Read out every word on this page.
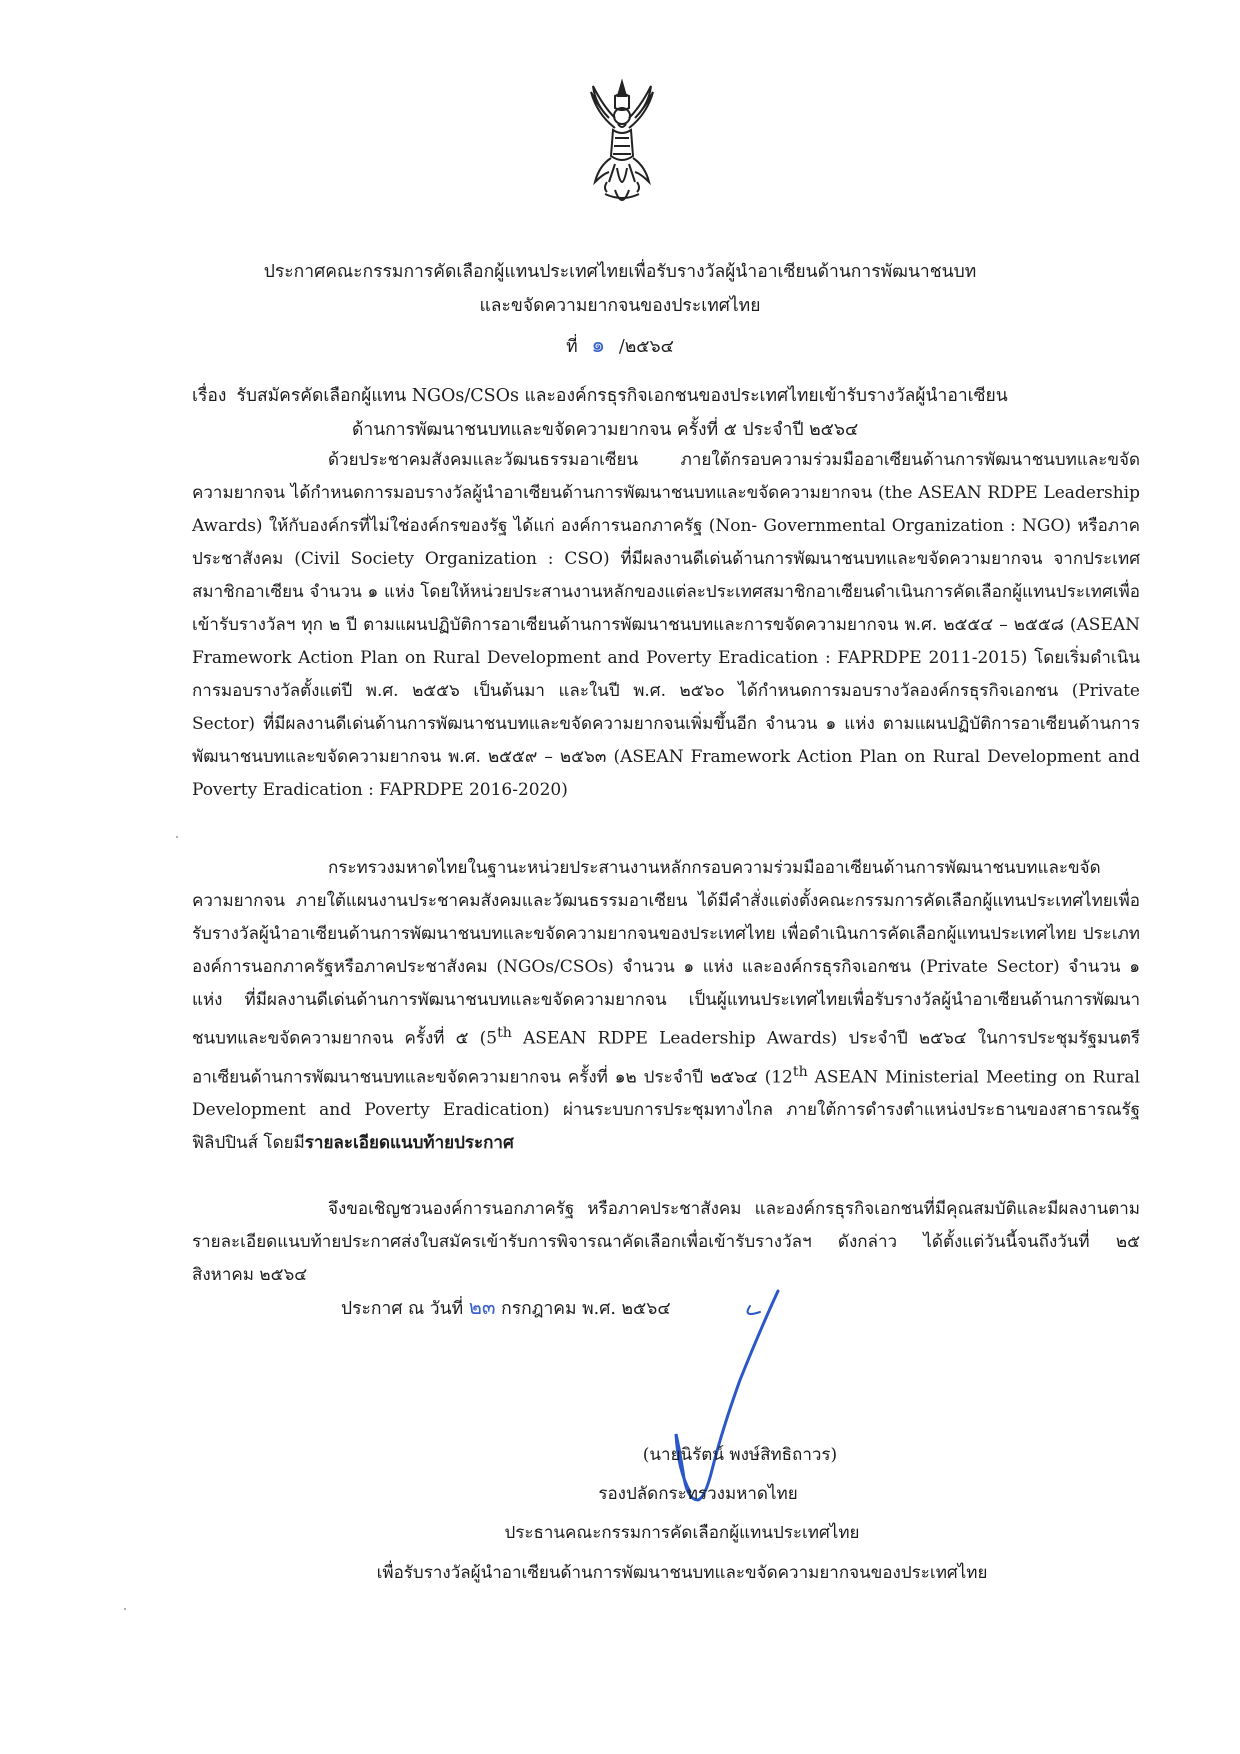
ประกาศคณะกรรมการคัดเลือกผู้แทนประเทศไทยเพื่อรับรางวัลผู้นำอาเซียนด้านการพัฒนาชนบท
และขจัดความยากจนของประเทศไทย
ที่ ๑ /๒๕๖๔
เรื่อง รับสมัครคัดเลือกผู้แทน NGOs/CSOs และองค์กรธุรกิจเอกชนของประเทศไทยเข้ารับรางวัลผู้นำอาเซียน
ด้านการพัฒนาชนบทและขจัดความยากจน ครั้งที่ ๕ ประจำปี ๒๕๖๔
ด้วยประชาคมสังคมและวัฒนธรรมอาเซียน ภายใต้กรอบความร่วมมืออาเซียนด้านการพัฒนาชนบทและขจัดความยากจน ได้กำหนดการมอบรางวัลผู้นำอาเซียนด้านการพัฒนาชนบทและขจัดความยากจน (the ASEAN RDPE Leadership Awards) ให้กับองค์กรที่ไม่ใช่องค์กรของรัฐ ได้แก่ องค์การนอกภาครัฐ (Non- Governmental Organization : NGO) หรือภาคประชาสังคม (Civil Society Organization : CSO) ที่มีผลงานดีเด่นด้านการพัฒนาชนบทและขจัดความยากจน จากประเทศสมาชิกอาเซียน จำนวน ๑ แห่ง โดยให้หน่วยประสานงานหลักของแต่ละประเทศสมาชิกอาเซียนดำเนินการคัดเลือกผู้แทนประเทศเพื่อเข้ารับรางวัลฯ ทุก ๒ ปี ตามแผนปฏิบัติการอาเซียนด้านการพัฒนาชนบทและการขจัดความยากจน พ.ศ. ๒๕๕๔ – ๒๕๕๘ (ASEAN Framework Action Plan on Rural Development and Poverty Eradication : FAPRDPE 2011-2015) โดยเริ่มดำเนินการมอบรางวัลตั้งแต่ปี พ.ศ. ๒๕๕๖ เป็นต้นมา และในปี พ.ศ. ๒๕๖๐ ได้กำหนดการมอบรางวัลองค์กรธุรกิจเอกชน (Private Sector) ที่มีผลงานดีเด่นด้านการพัฒนาชนบทและขจัดความยากจนเพิ่มขึ้นอีก จำนวน ๑ แห่ง ตามแผนปฏิบัติการอาเซียนด้านการพัฒนาชนบทและขจัดความยากจน พ.ศ. ๒๕๕๙ – ๒๕๖๓ (ASEAN Framework Action Plan on Rural Development and Poverty Eradication : FAPRDPE 2016-2020)
กระทรวงมหาดไทยในฐานะหน่วยประสานงานหลักกรอบความร่วมมืออาเซียนด้านการพัฒนาชนบทและขจัดความยากจน ภายใต้แผนงานประชาคมสังคมและวัฒนธรรมอาเซียน ได้มีคำสั่งแต่งตั้งคณะกรรมการคัดเลือกผู้แทนประเทศไทยเพื่อรับรางวัลผู้นำอาเซียนด้านการพัฒนาชนบทและขจัดความยากจนของประเทศไทย เพื่อดำเนินการคัดเลือกผู้แทนประเทศไทย ประเภทองค์การนอกภาครัฐหรือภาคประชาสังคม (NGOs/CSOs) จำนวน ๑ แห่ง และองค์กรธุรกิจเอกชน (Private Sector) จำนวน ๑ แห่ง ที่มีผลงานดีเด่นด้านการพัฒนาชนบทและขจัดความยากจน เป็นผู้แทนประเทศไทยเพื่อรับรางวัลผู้นำอาเซียนด้านการพัฒนาชนบทและขจัดความยากจน ครั้งที่ ๕ (5th ASEAN RDPE Leadership Awards) ประจำปี ๒๕๖๔ ในการประชุมรัฐมนตรีอาเซียนด้านการพัฒนาชนบทและขจัดความยากจน ครั้งที่ ๑๒ ประจำปี ๒๕๖๔ (12th ASEAN Ministerial Meeting on Rural Development and Poverty Eradication) ผ่านระบบการประชุมทางไกล ภายใต้การดำรงตำแหน่งประธานของสาธารณรัฐฟิลิปปินส์ โดยมีรายละเอียดแนบท้ายประกาศ
จึงขอเชิญชวนองค์การนอกภาครัฐ หรือภาคประชาสังคม และองค์กรธุรกิจเอกชนที่มีคุณสมบัติและมีผลงานตามรายละเอียดแนบท้ายประกาศส่งใบสมัครเข้ารับการพิจารณาคัดเลือกเพื่อเข้ารับรางวัลฯ ดังกล่าว ได้ตั้งแต่วันนี้จนถึงวันที่ ๒๕ สิงหาคม ๒๕๖๔
ประกาศ ณ วันที่ ๒๓ กรกฎาคม พ.ศ. ๒๕๖๔
(นายนิรัตน์ พงษ์สิทธิถาวร)
รองปลัดกระทรวงมหาดไทย
ประธานคณะกรรมการคัดเลือกผู้แทนประเทศไทย
เพื่อรับรางวัลผู้นำอาเซียนด้านการพัฒนาชนบทและขจัดความยากจนของประเทศไทย
